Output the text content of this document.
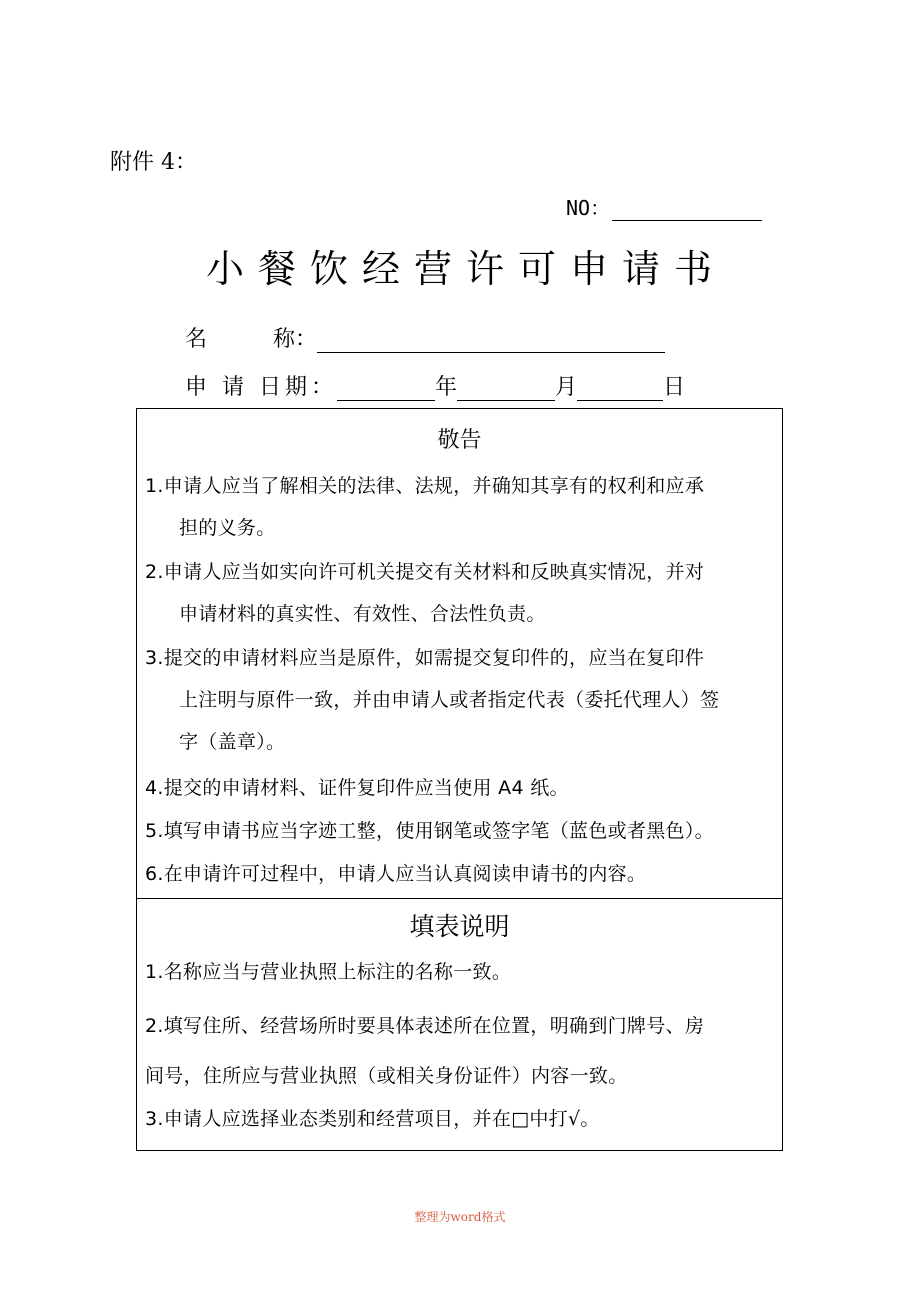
附件 4：
NO：
小餐饮经营许可申请书
名　　　称：
申 请 日期：	年	月	日
敬告
1.申请人应当了解相关的法律、法规，并确知其享有的权利和应承
担的义务。
2.申请人应当如实向许可机关提交有关材料和反映真实情况，并对
申请材料的真实性、有效性、合法性负责。
3.提交的申请材料应当是原件，如需提交复印件的，应当在复印件
上注明与原件一致，并由申请人或者指定代表（委托代理人）签
字（盖章）。
4.提交的申请材料、证件复印件应当使用 A4 纸。
5.填写申请书应当字迹工整，使用钢笔或签字笔（蓝色或者黑色）。
6.在申请许可过程中，申请人应当认真阅读申请书的内容。
填表说明
1.名称应当与营业执照上标注的名称一致。
2.填写住所、经营场所时要具体表述所在位置，明确到门牌号、房
间号，住所应与营业执照（或相关身份证件）内容一致。
3.申请人应选择业态类别和经营项目，并在□中打√。
整理为word格式
